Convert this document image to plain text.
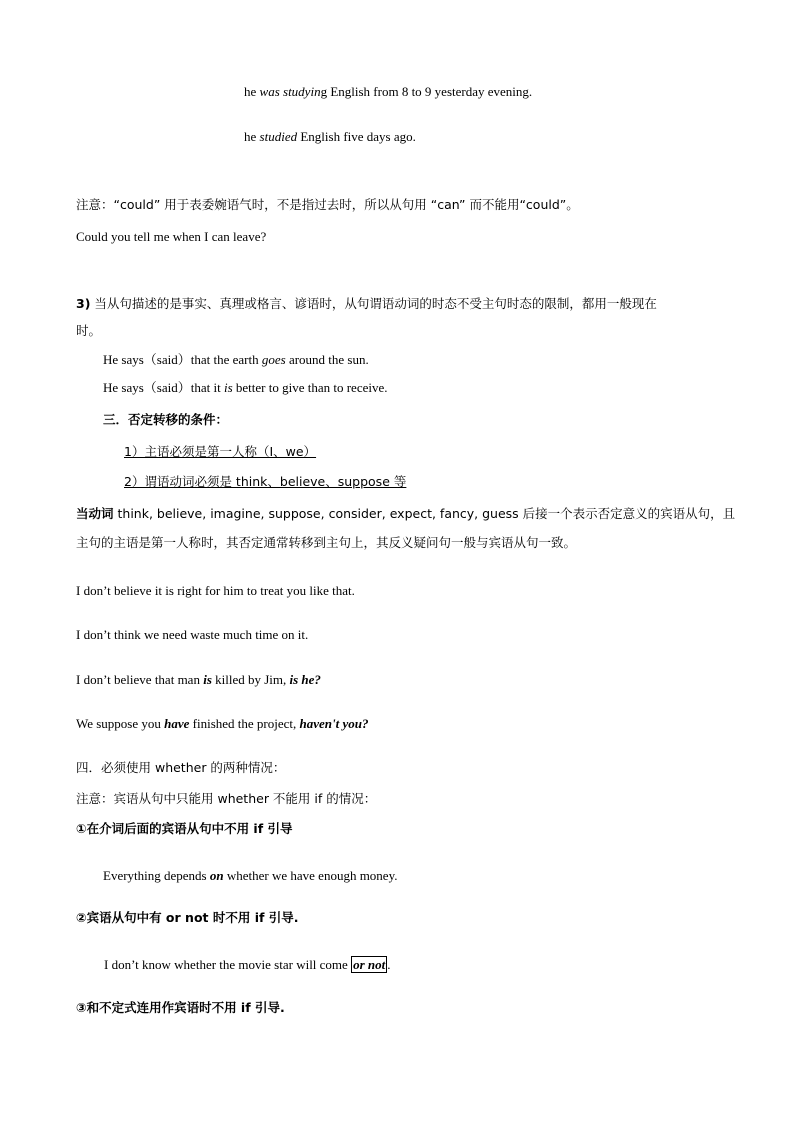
he was studying English from 8 to 9 yesterday evening.
he studied English five days ago.
注意：“could” 用于表委婉语气时，不是指过去时，所以从句用 “can” 而不能用“could”。
Could you tell me when I can leave?
3) 当从句描述的是事实、真理或格言、谚语时，从句谓语动词的时态不受主句时态的限制，都用一般现在
时。
He says（said）that the earth goes around the sun.
He says（said）that it is better to give than to receive.
三．否定转移的条件：
1）主语必须是第一人称（I、we）
2）谓语动词必须是 think、believe、suppose 等
当动词 think, believe, imagine, suppose, consider, expect, fancy, guess 后接一个表示否定意义的宾语从句，且
主句的主语是第一人称时，其否定通常转移到主句上，其反义疑问句一般与宾语从句一致。
I don’t believe it is right for him to treat you like that.
I don’t think we need waste much time on it.
I don’t believe that man is killed by Jim, is he?
We suppose you have finished the project, haven't you?
四．必须使用 whether 的两种情况：
注意：宾语从句中只能用 whether 不能用 if 的情况：
①在介词后面的宾语从句中不用 if 引导
Everything depends on whether we have enough money.
②宾语从句中有 or not 时不用 if 引导.
I don’t know whether the movie star will come or not .
③和不定式连用作宾语时不用 if 引导.
